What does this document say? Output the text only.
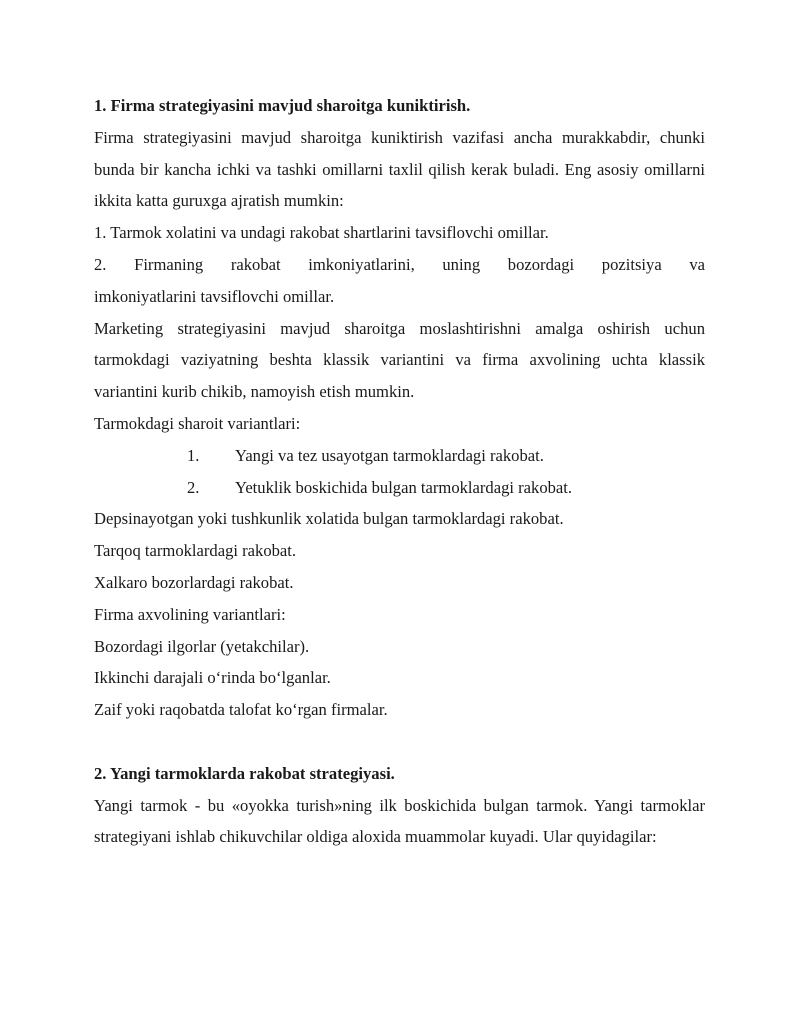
1. Firma strategiyasini mavjud sharoitga kuniktirish.

Firma strategiyasini mavjud sharoitga kuniktirish vazifasi ancha murakkabdir, chunki bunda bir kancha ichki va tashki omillarni taxlil qilish kerak buladi. Eng asosiy omillarni ikkita katta guruxga ajratish mumkin:

1. Tarmok xolatini va undagi rakobat shartlarini tavsiflovchi omillar.

2. Firmaning rakobat imkoniyatlarini, uning bozordagi pozitsiya va

imkoniyatlarini tavsiflovchi omillar.

Marketing strategiyasini mavjud sharoitga moslashtirishni amalga oshirish uchun tarmokdagi vaziyatning beshta klassik variantini va firma axvolining uchta klassik variantini kurib chikib, namoyish etish mumkin.

Tarmokdagi sharoit variantlari:

1.	Yangi va tez usayotgan tarmoklardagi rakobat.
2.	Yetuklik boskichida bulgan tarmoklardagi rakobat.

Depsinayotgan yoki tushkunlik xolatida bulgan tarmoklardagi rakobat.

Tarqoq tarmoklardagi rakobat.

Xalkaro bozorlardagi rakobat.

Firma axvolining variantlari:

Bozordagi ilgorlar (yetakchilar).

Ikkinchi darajali o‘rinda bo‘lganlar.

Zaif yoki raqobatda talofat ko‘rgan firmalar.

2. Yangi tarmoklarda rakobat strategiyasi.

Yangi tarmok - bu «oyokka turish»ning ilk boskichida bulgan tarmok. Yangi tarmoklar strategiyani ishlab chikuvchilar oldiga aloxida muammolar kuyadi. Ular quyidagilar:
